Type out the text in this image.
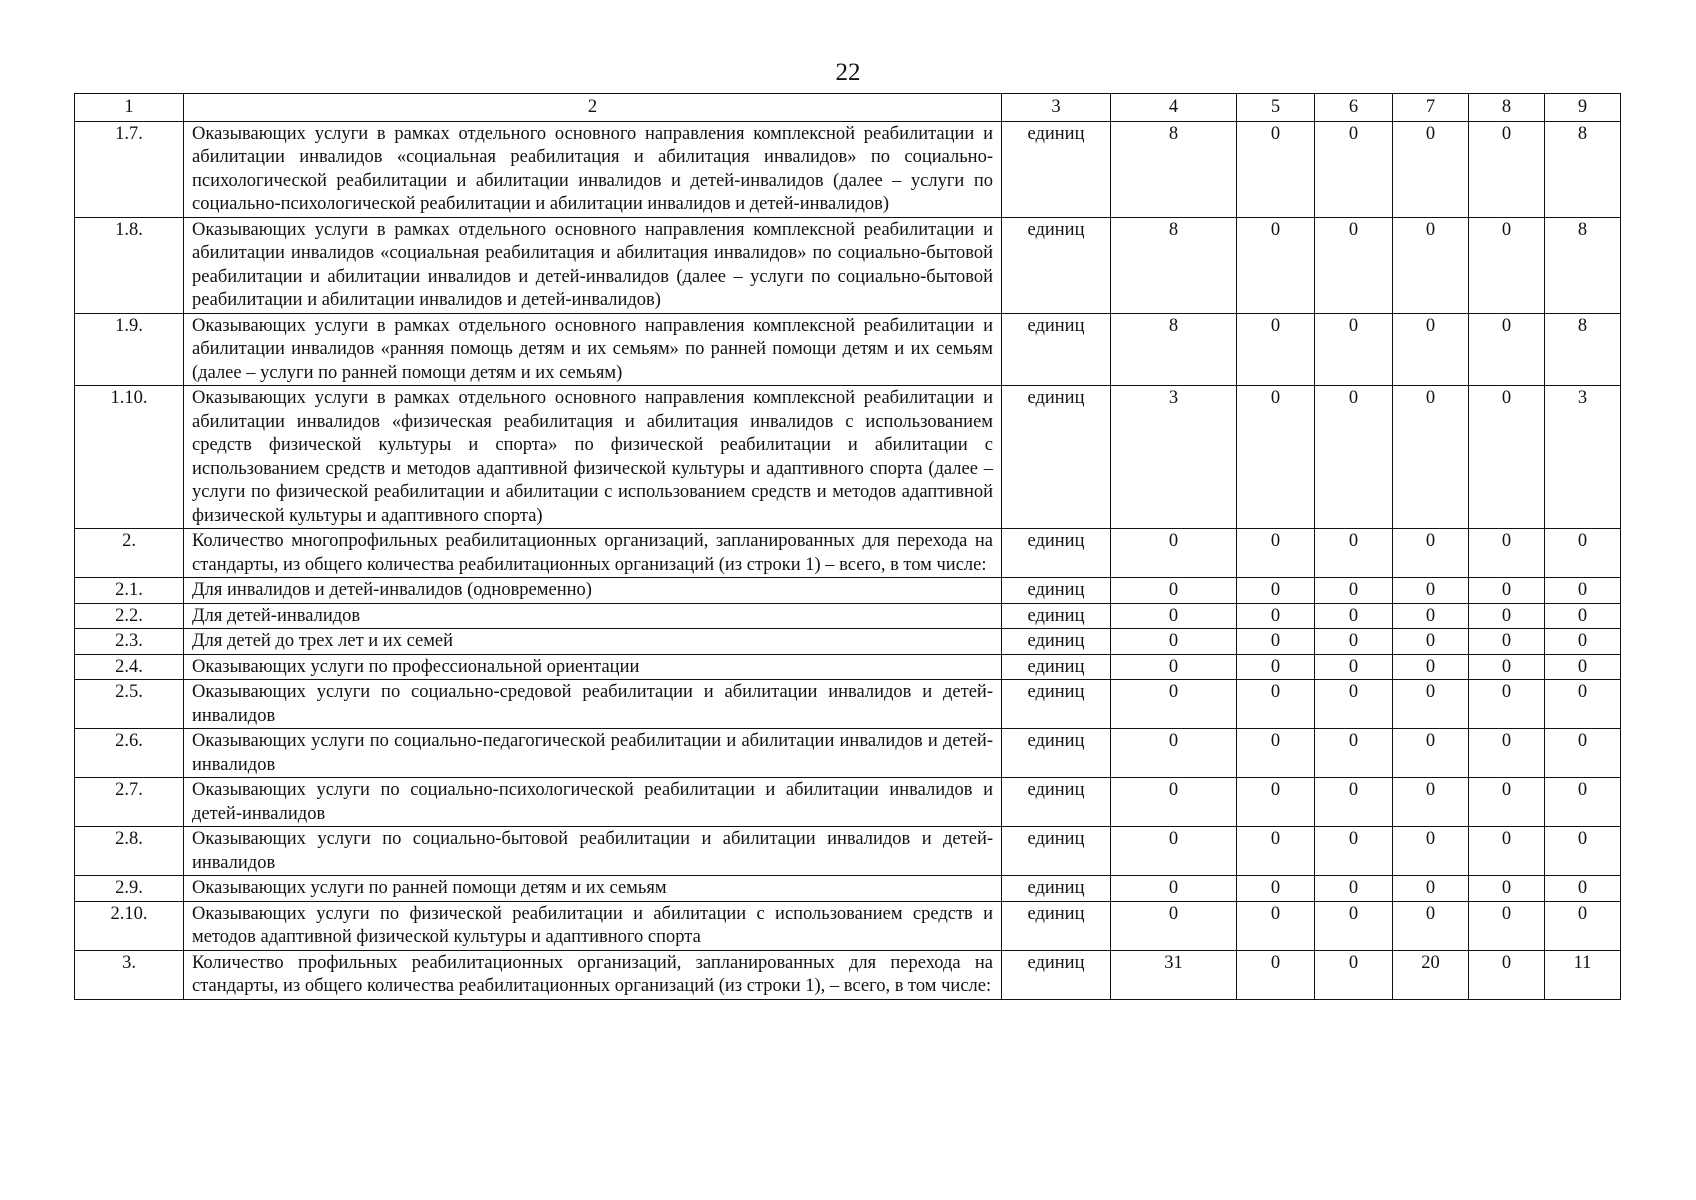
22
1	2	3	4	5	6	7	8	9
1.7.	Оказывающих услуги в рамках отдельного основного направления комплексной реабилитации и абилитации инвалидов «социальная реабилитация и абилитация инвалидов» по социально-психологической реабилитации и абилитации инвалидов и детей-инвалидов (далее – услуги по социально-психологической реабилитации и абилитации инвалидов и детей-инвалидов)	единиц	8	0	0	0	0	8
1.8.	Оказывающих услуги в рамках отдельного основного направления комплексной реабилитации и абилитации инвалидов «социальная реабилитация и абилитация инвалидов» по социально-бытовой реабилитации и абилитации инвалидов и детей-инвалидов (далее – услуги по социально-бытовой реабилитации и абилитации инвалидов и детей-инвалидов)	единиц	8	0	0	0	0	8
1.9.	Оказывающих услуги в рамках отдельного основного направления комплексной реабилитации и абилитации инвалидов «ранняя помощь детям и их семьям» по ранней помощи детям и их семьям (далее – услуги по ранней помощи детям и их семьям)	единиц	8	0	0	0	0	8
1.10.	Оказывающих услуги в рамках отдельного основного направления комплексной реабилитации и абилитации инвалидов «физическая реабилитация и абилитация инвалидов с использованием средств физической культуры и спорта» по физической реабилитации и абилитации с использованием средств и методов адаптивной физической культуры и адаптивного спорта (далее – услуги по физической реабилитации и абилитации с использованием средств и методов адаптивной физической культуры и адаптивного спорта)	единиц	3	0	0	0	0	3
2.	Количество многопрофильных реабилитационных организаций, запланированных для перехода на стандарты, из общего количества реабилитационных организаций (из строки 1) – всего, в том числе:	единиц	0	0	0	0	0	0
2.1.	Для инвалидов и детей-инвалидов (одновременно)	единиц	0	0	0	0	0	0
2.2.	Для детей-инвалидов	единиц	0	0	0	0	0	0
2.3.	Для детей до трех лет и их семей	единиц	0	0	0	0	0	0
2.4.	Оказывающих услуги по профессиональной ориентации	единиц	0	0	0	0	0	0
2.5.	Оказывающих услуги по социально-средовой реабилитации и абилитации инвалидов и детей-инвалидов	единиц	0	0	0	0	0	0
2.6.	Оказывающих услуги по социально-педагогической реабилитации и абилитации инвалидов и детей-инвалидов	единиц	0	0	0	0	0	0
2.7.	Оказывающих услуги по социально-психологической реабилитации и абилитации инвалидов и детей-инвалидов	единиц	0	0	0	0	0	0
2.8.	Оказывающих услуги по социально-бытовой реабилитации и абилитации инвалидов и детей-инвалидов	единиц	0	0	0	0	0	0
2.9.	Оказывающих услуги по ранней помощи детям и их семьям	единиц	0	0	0	0	0	0
2.10.	Оказывающих услуги по физической реабилитации и абилитации с использованием средств и методов адаптивной физической культуры и адаптивного спорта	единиц	0	0	0	0	0	0
3.	Количество профильных реабилитационных организаций, запланированных для перехода на стандарты, из общего количества реабилитационных организаций (из строки 1), – всего, в том числе:	единиц	31	0	0	20	0	11
